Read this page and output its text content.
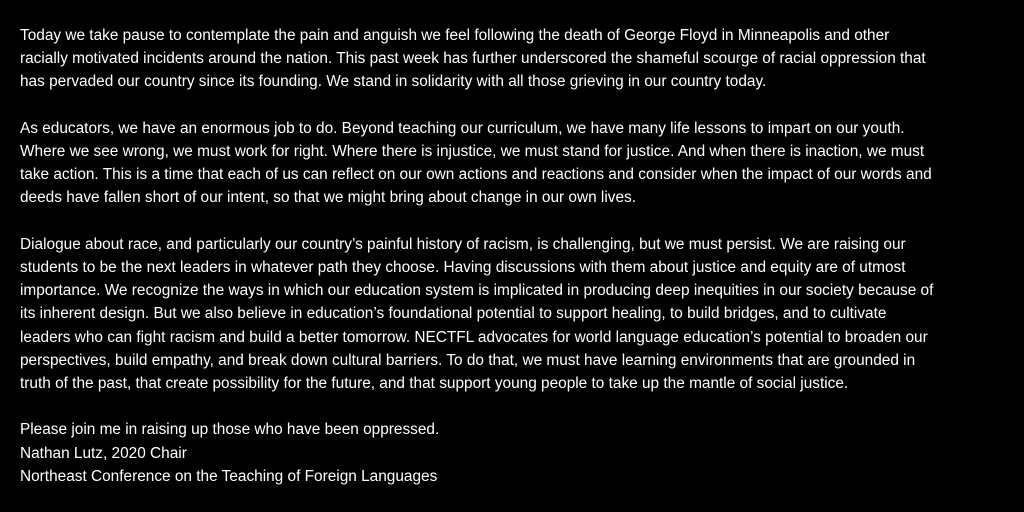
Today we take pause to contemplate the pain and anguish we feel following the death of George Floyd in Minneapolis and other
racially motivated incidents around the nation. This past week has further underscored the shameful scourge of racial oppression that
has pervaded our country since its founding. We stand in solidarity with all those grieving in our country today.

As educators, we have an enormous job to do. Beyond teaching our curriculum, we have many life lessons to impart on our youth.
Where we see wrong, we must work for right. Where there is injustice, we must stand for justice. And when there is inaction, we must
take action. This is a time that each of us can reflect on our own actions and reactions and consider when the impact of our words and
deeds have fallen short of our intent, so that we might bring about change in our own lives.

Dialogue about race, and particularly our country’s painful history of racism, is challenging, but we must persist. We are raising our
students to be the next leaders in whatever path they choose. Having discussions with them about justice and equity are of utmost
importance. We recognize the ways in which our education system is implicated in producing deep inequities in our society because of
its inherent design. But we also believe in education’s foundational potential to support healing, to build bridges, and to cultivate
leaders who can fight racism and build a better tomorrow. NECTFL advocates for world language education’s potential to broaden our
perspectives, build empathy, and break down cultural barriers. To do that, we must have learning environments that are grounded in
truth of the past, that create possibility for the future, and that support young people to take up the mantle of social justice.

Please join me in raising up those who have been oppressed.
Nathan Lutz, 2020 Chair
Northeast Conference on the Teaching of Foreign Languages
